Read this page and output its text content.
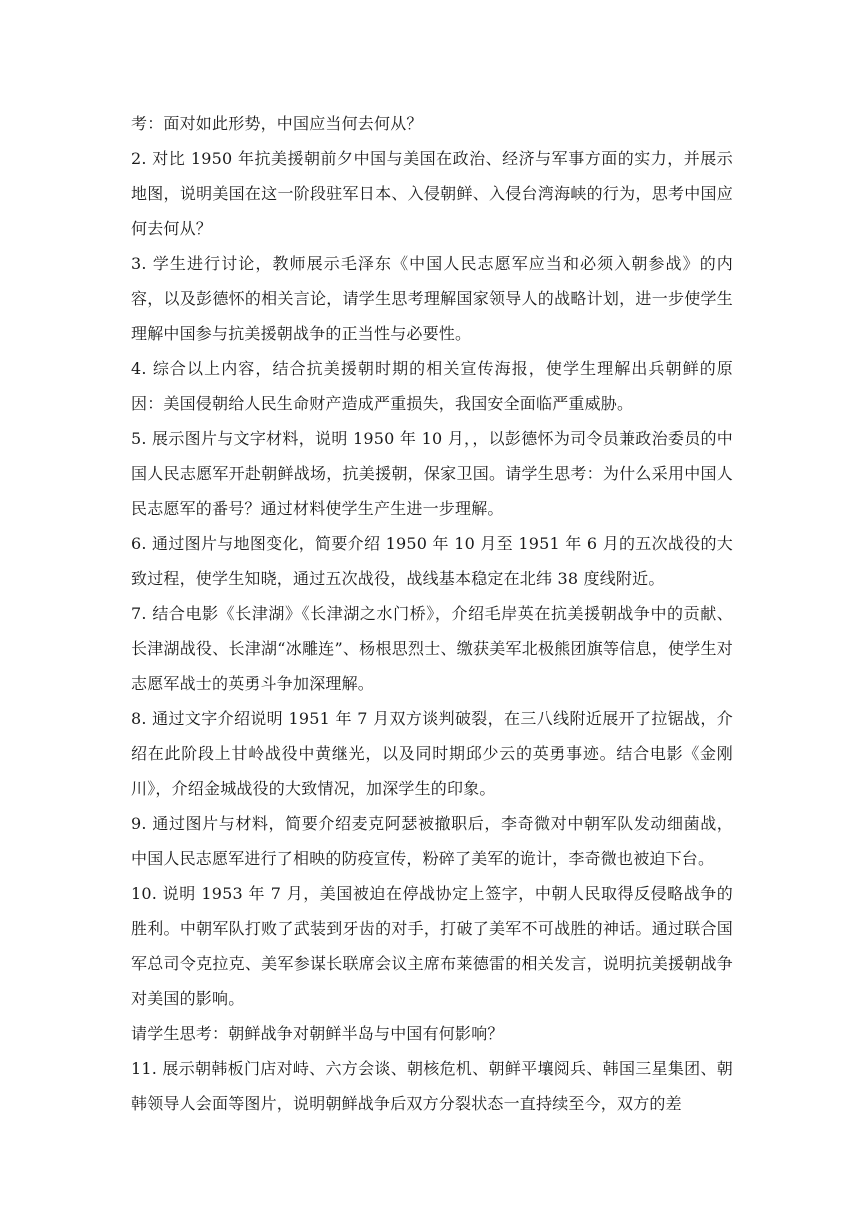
考：面对如此形势，中国应当何去何从？

2. 对比 1950 年抗美援朝前夕中国与美国在政治、经济与军事方面的实力，并展示地图，说明美国在这一阶段驻军日本、入侵朝鲜、入侵台湾海峡的行为，思考中国应何去何从？

3. 学生进行讨论，教师展示毛泽东《中国人民志愿军应当和必须入朝参战》的内容，以及彭德怀的相关言论，请学生思考理解国家领导人的战略计划，进一步使学生理解中国参与抗美援朝战争的正当性与必要性。

4. 综合以上内容，结合抗美援朝时期的相关宣传海报，使学生理解出兵朝鲜的原因：美国侵朝给人民生命财产造成严重损失，我国安全面临严重威胁。

5. 展示图片与文字材料，说明 1950 年 10 月，，以彭德怀为司令员兼政治委员的中国人民志愿军开赴朝鲜战场，抗美援朝，保家卫国。请学生思考：为什么采用中国人民志愿军的番号？通过材料使学生产生进一步理解。

6. 通过图片与地图变化，简要介绍 1950 年 10 月至 1951 年 6 月的五次战役的大致过程，使学生知晓，通过五次战役，战线基本稳定在北纬 38 度线附近。

7. 结合电影《长津湖》《长津湖之水门桥》，介绍毛岸英在抗美援朝战争中的贡献、长津湖战役、长津湖“冰雕连”、杨根思烈士、缴获美军北极熊团旗等信息，使学生对志愿军战士的英勇斗争加深理解。

8. 通过文字介绍说明 1951 年 7 月双方谈判破裂，在三八线附近展开了拉锯战，介绍在此阶段上甘岭战役中黄继光，以及同时期邱少云的英勇事迹。结合电影《金刚川》，介绍金城战役的大致情况，加深学生的印象。

9. 通过图片与材料，简要介绍麦克阿瑟被撤职后，李奇微对中朝军队发动细菌战，中国人民志愿军进行了相映的防疫宣传，粉碎了美军的诡计，李奇微也被迫下台。

10. 说明 1953 年 7 月，美国被迫在停战协定上签字，中朝人民取得反侵略战争的胜利。中朝军队打败了武装到牙齿的对手，打破了美军不可战胜的神话。通过联合国军总司令克拉克、美军参谋长联席会议主席布莱德雷的相关发言，说明抗美援朝战争对美国的影响。

请学生思考：朝鲜战争对朝鲜半岛与中国有何影响？

11. 展示朝韩板门店对峙、六方会谈、朝核危机、朝鲜平壤阅兵、韩国三星集团、朝韩领导人会面等图片，说明朝鲜战争后双方分裂状态一直持续至今，双方的差
